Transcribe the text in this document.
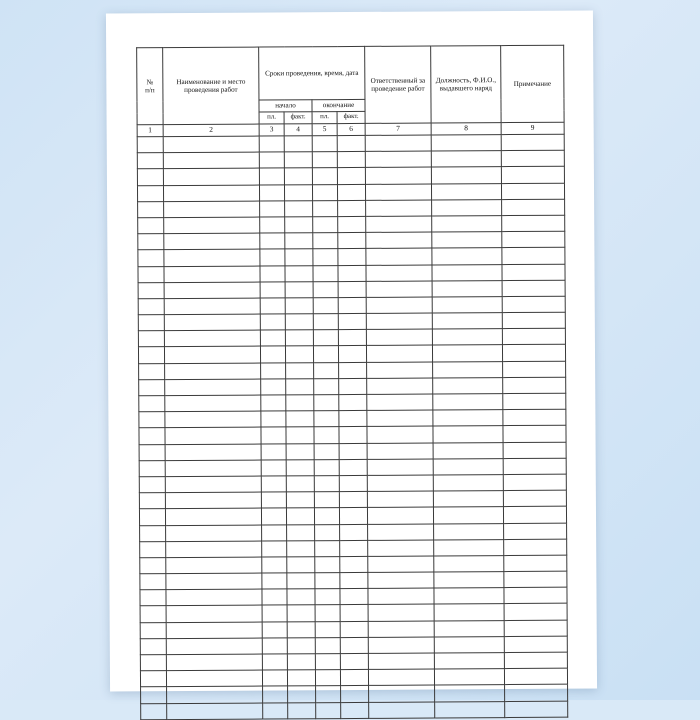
№
п/п	Наименование и место проведения работ	Сроки проведения, время, дата				Ответственный за проведение работ	Должность, Ф.И.О., выдавшего наряд	Примечание
		начало		окончание				
		пл.	факт.	пл.	факт.			
1	2	3	4	5	6	7	8	9
